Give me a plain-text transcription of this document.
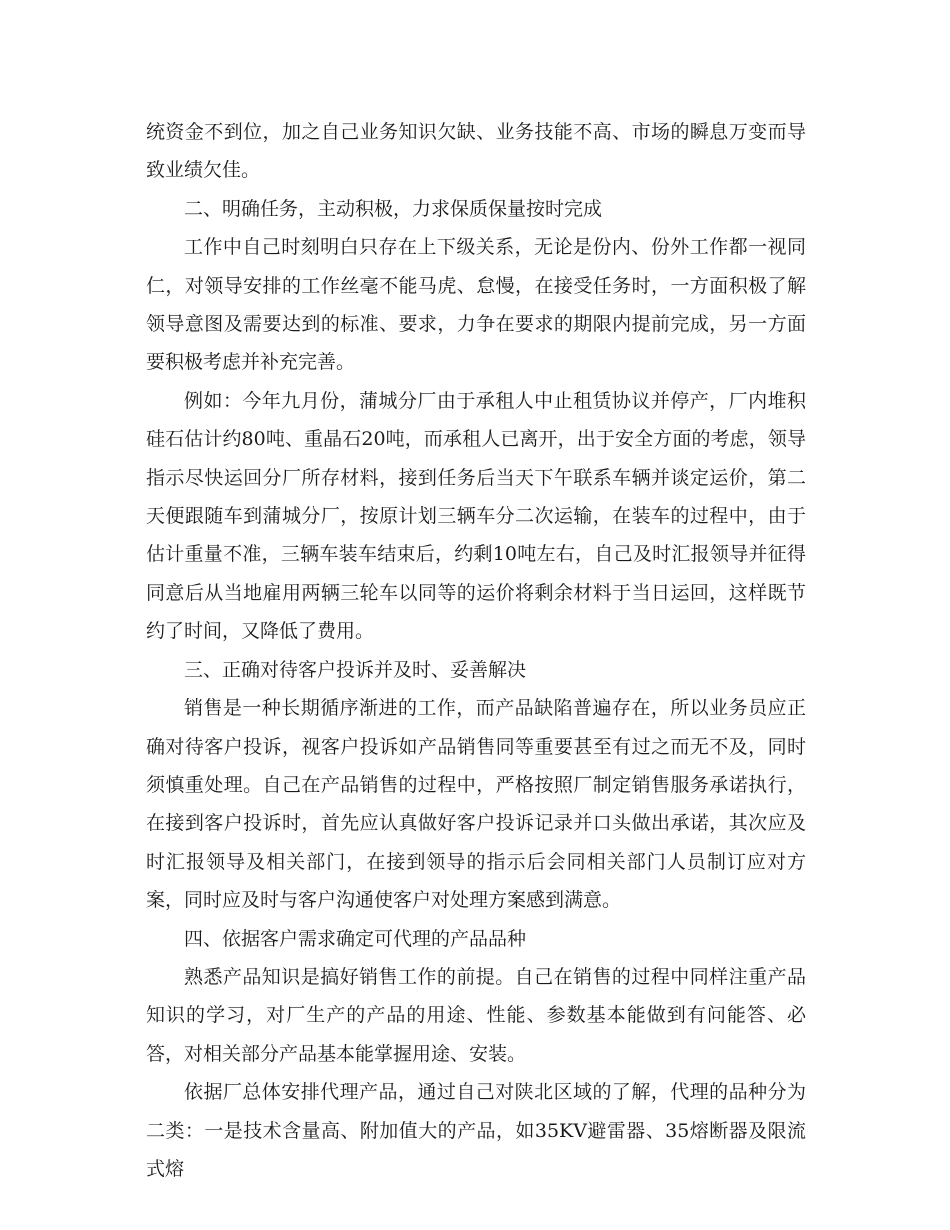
统资金不到位，加之自己业务知识欠缺、业务技能不高、市场的瞬息万变而导致业绩欠佳。

二、明确任务，主动积极，力求保质保量按时完成

工作中自己时刻明白只存在上下级关系，无论是份内、份外工作都一视同仁，对领导安排的工作丝毫不能马虎、怠慢，在接受任务时，一方面积极了解领导意图及需要达到的标准、要求，力争在要求的期限内提前完成，另一方面要积极考虑并补充完善。

例如：今年九月份，蒲城分厂由于承租人中止租赁协议并停产，厂内堆积硅石估计约80吨、重晶石20吨，而承租人已离开，出于安全方面的考虑，领导指示尽快运回分厂所存材料，接到任务后当天下午联系车辆并谈定运价，第二天便跟随车到蒲城分厂，按原计划三辆车分二次运输，在装车的过程中，由于估计重量不准，三辆车装车结束后，约剩10吨左右，自己及时汇报领导并征得同意后从当地雇用两辆三轮车以同等的运价将剩余材料于当日运回，这样既节约了时间，又降低了费用。

三、正确对待客户投诉并及时、妥善解决

销售是一种长期循序渐进的工作，而产品缺陷普遍存在，所以业务员应正确对待客户投诉，视客户投诉如产品销售同等重要甚至有过之而无不及，同时须慎重处理。自己在产品销售的过程中，严格按照厂制定销售服务承诺执行，在接到客户投诉时，首先应认真做好客户投诉记录并口头做出承诺，其次应及时汇报领导及相关部门，在接到领导的指示后会同相关部门人员制订应对方案，同时应及时与客户沟通使客户对处理方案感到满意。

四、依据客户需求确定可代理的产品品种

熟悉产品知识是搞好销售工作的前提。自己在销售的过程中同样注重产品知识的学习，对厂生产的产品的用途、性能、参数基本能做到有问能答、必答，对相关部分产品基本能掌握用途、安装。

依据厂总体安排代理产品，通过自己对陕北区域的了解，代理的品种分为二类：一是技术含量高、附加值大的产品，如35KV避雷器、35熔断器及限流式熔
